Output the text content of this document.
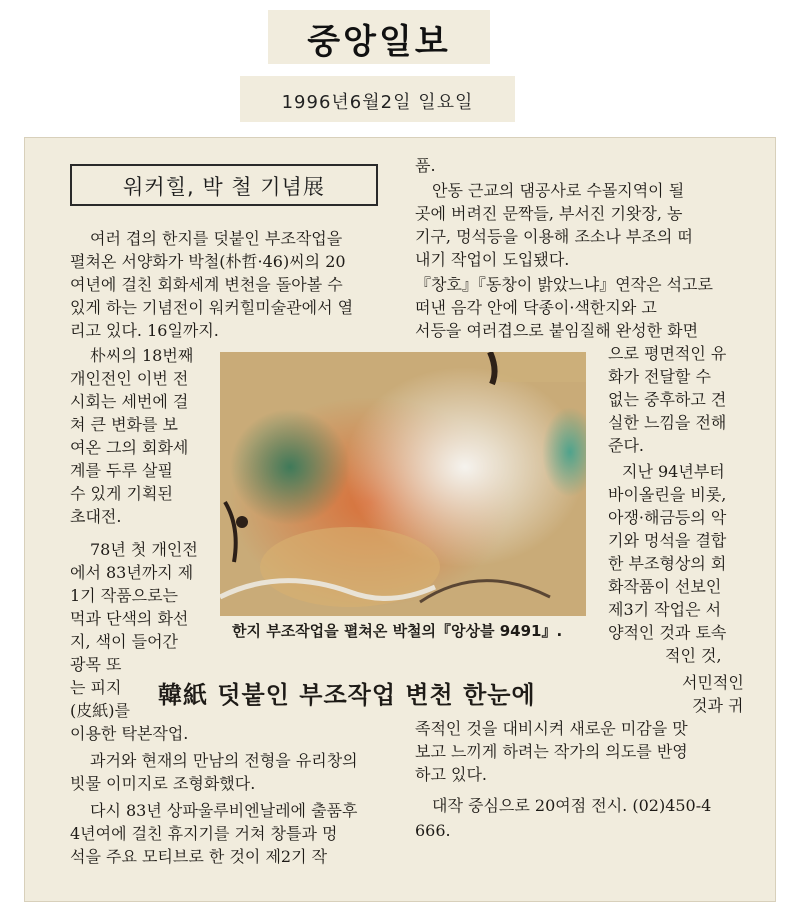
중앙일보
1996년6월2일 일요일
워커힐, 박 철 기념展
여러 겹의 한지를 덧붙인 부조작업을
펼쳐온 서양화가 박철(朴哲·46)씨의 20
여년에 걸친 회화세계 변천을 돌아볼 수
있게 하는 기념전이 워커힐미술관에서 열
리고 있다. 16일까지.
朴씨의 18번째
개인전인 이번 전
시회는 세번에 걸
쳐 큰 변화를 보
여온 그의 회화세
계를 두루 살필
수 있게 기획된
초대전.
78년 첫 개인전
에서 83년까지 제
1기 작품으로는
먹과 단색의 화선
지, 색이 들어간
광목 또
는 피지
(皮紙)를
이용한 탁본작업.
과거와 현재의 만남의 전형을 유리창의
빗물 이미지로 조형화했다.
다시 83년 상파울루비엔날레에 출품후
4년여에 걸친 휴지기를 거쳐 창틀과 멍
석을 주요 모티브로 한 것이 제2기 작
품.
안동 근교의 댐공사로 수몰지역이 될
곳에 버려진 문짝들, 부서진 기왓장, 농
기구, 멍석등을 이용해 조소나 부조의 떠
내기 작업이 도입됐다.
『창호』『동창이 밝았느냐』연작은 석고로
떠낸 음각 안에 닥종이·색한지와 고
서등을 여러겹으로 붙임질해 완성한 화면
으로 평면적인 유
화가 전달할 수
없는 중후하고 견
실한 느낌을 전해
준다.
지난 94년부터
바이올린을 비롯,
아쟁·해금등의 악
기와 멍석을 결합
한 부조형상의 회
화작품이 선보인
제3기 작업은 서
양적인 것과 토속
적인 것,
서민적인
것과 귀
족적인 것을 대비시켜 새로운 미감을 맛
보고 느끼게 하려는 작가의 의도를 반영
하고 있다.
대작 중심으로 20여점 전시. (02)450-4
666.
한지 부조작업을 펼쳐온 박철의『앙상블 9491』.
韓紙 덧붙인 부조작업 변천 한눈에
